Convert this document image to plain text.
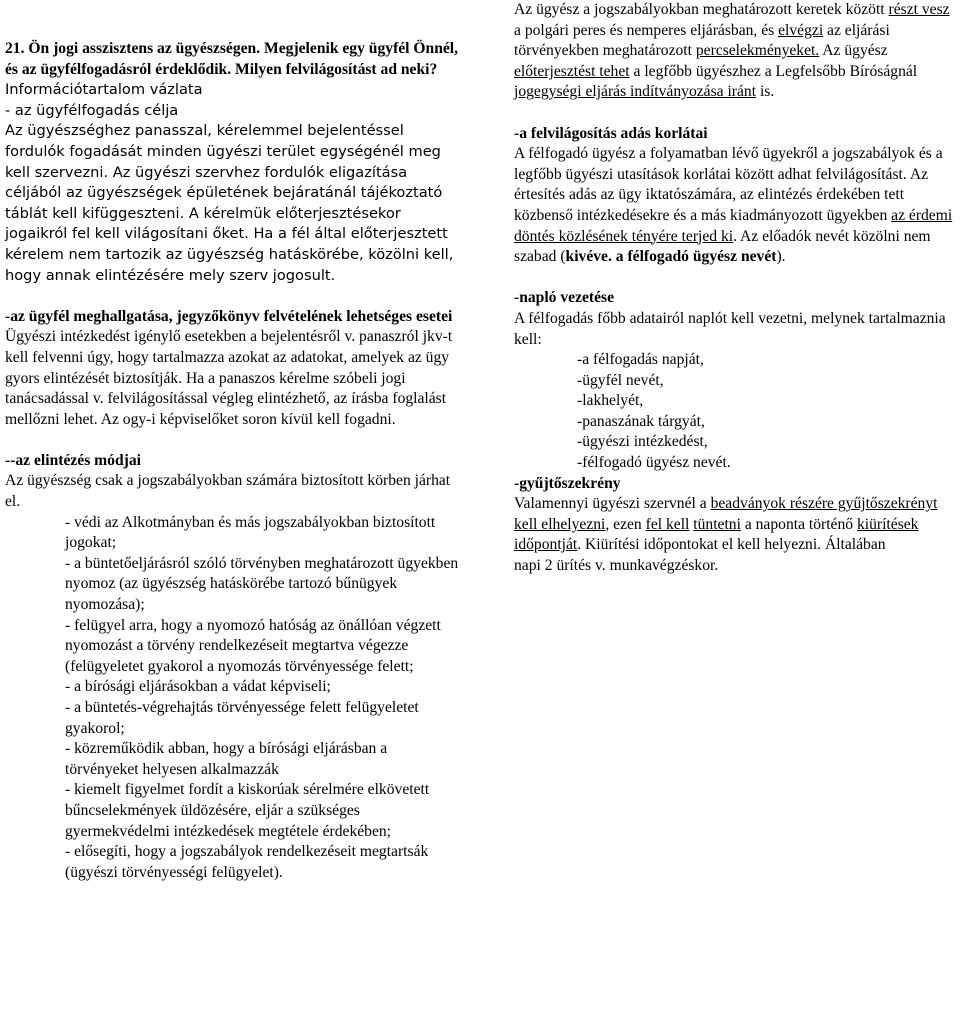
21. Ön jogi asszisztens az ügyészségen. Megjelenik egy ügyfél Önnél, és az ügyfélfogadásról érdeklődik. Milyen felvilágosítást ad neki?

Információtartalom vázlata

- az ügyfélfogadás célja

Az ügyészséghez panasszal, kérelemmel bejelentéssel fordulók fogadását minden ügyészi terület egységénél meg kell szervezni. Az ügyészi szervhez fordulók eligazítása céljából az ügyészségek épületének bejáratánál tájékoztató táblát kell kifüggeszteni. A kérelmük előterjesztésekor jogaikról fel kell világosítani őket. Ha a fél által előterjesztett kérelem nem tartozik az ügyészség hatáskörébe, közölni kell, hogy annak elintézésére mely szerv jogosult.

-az ügyfél meghallgatása, jegyzőkönyv felvételének lehetséges esetei

Ügyészi intézkedést igénylő esetekben a bejelentésről v. panaszról jkv-t kell felvenni úgy, hogy tartalmazza azokat az adatokat, amelyek az ügy gyors elintézését biztosítják. Ha a panaszos kérelme szóbeli jogi tanácsadással v. felvilágosítással végleg elintézhető, az írásba foglalást mellőzni lehet. Az ogy-i képviselőket soron kívül kell fogadni.

--az elintézés módjai

Az ügyészség csak a jogszabályokban számára biztosított körben járhat el.

- védi az Alkotmányban és más jogszabályokban biztosított jogokat;

- a büntetőeljárásról szóló törvényben meghatározott ügyekben nyomoz (az ügyészség hatáskörébe tartozó bűnügyek nyomozása);

- felügyel arra, hogy a nyomozó hatóság az önállóan végzett nyomozást a törvény rendelkezéseit megtartva végezze (felügyeletet gyakorol a nyomozás törvényessége felett;

- a bírósági eljárásokban a vádat képviseli;

- a büntetés-végrehajtás törvényessége felett felügyeletet gyakorol;

- közreműködik abban, hogy a bírósági eljárásban a törvényeket helyesen alkalmazzák

- kiemelt figyelmet fordít a kiskorúak sérelmére elkövetett bűncselekmények üldözésére, eljár a szükséges gyermekvédelmi intézkedések megtétele érdekében;

- elősegíti, hogy a jogszabályok rendelkezéseit megtartsák (ügyészi törvényességi felügyelet).

Az ügyész a jogszabályokban meghatározott keretek között részt vesz a polgári peres és nemperes eljárásban, és elvégzi az eljárási törvényekben meghatározott percselekményeket. Az ügyész előterjesztést tehet a legfőbb ügyészhez a Legfelsőbb Bíróságnál jogegységi eljárás indítványozása iránt is.

-a felvilágosítás adás korlátai

A félfogadó ügyész a folyamatban lévő ügyekről a jogszabályok és a legfőbb ügyészi utasítások korlátai között adhat felvilágosítást. Az értesítés adás az ügy iktatószámára, az elintézés érdekében tett közbenső intézkedésekre és a más kiadmányozott ügyekben az érdemi döntés közlésének tényére terjed ki. Az előadók nevét közölni nem szabad (kivéve. a félfogadó ügyész nevét).

-napló vezetése

A félfogadás főbb adatairól naplót kell vezetni, melynek tartalmaznia kell:

-a félfogadás napját,

-ügyfél nevét,

-lakhelyét,

-panaszának tárgyát,

-ügyészi intézkedést,

-félfogadó ügyész nevét.

-gyűjtőszekrény

Valamennyi ügyészi szervnél a beadványok részére gyűjtőszekrényt kell elhelyezni, ezen fel kell tüntetni a naponta történő kiürítések időpontját. Kiürítési időpontokat el kell helyezni. Általában

napi 2 ürítés v. munkavégzéskor.
